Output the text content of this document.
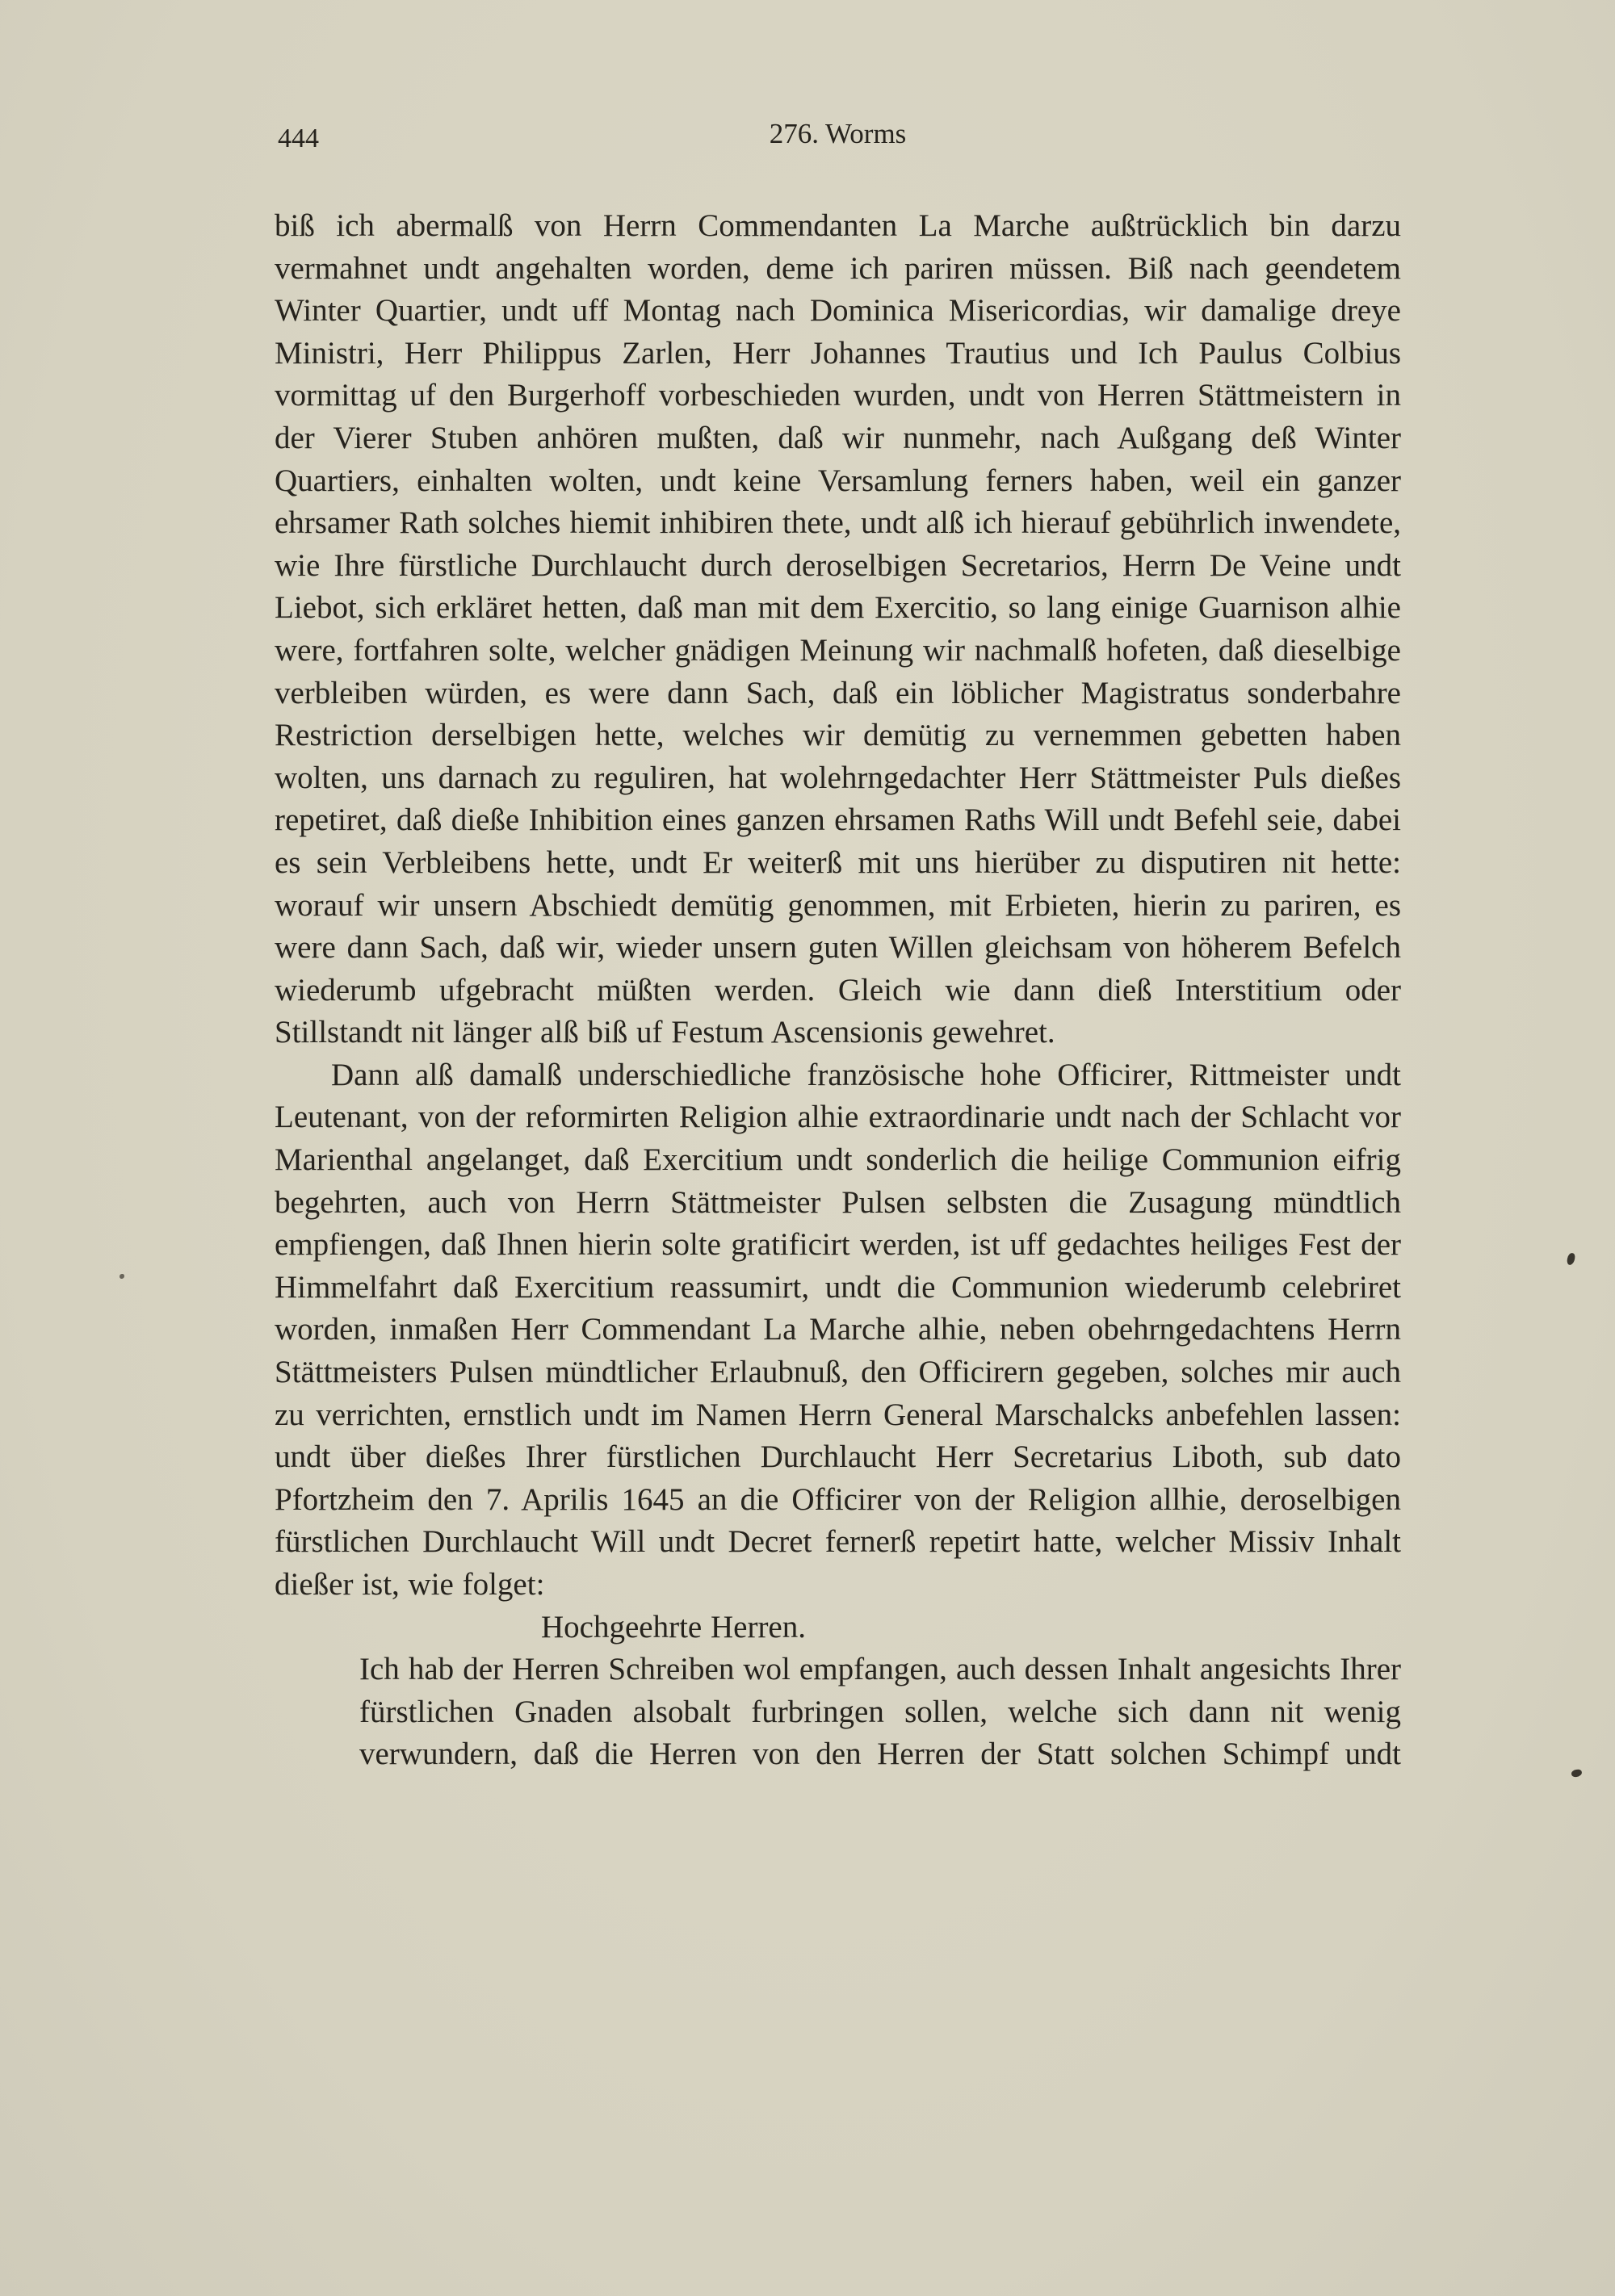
444	276. Worms

biß ich abermalß von Herrn Commendanten La Marche außtrücklich bin darzu vermahnet undt angehalten worden, deme ich pariren müssen. Biß nach geendetem Winter Quartier, undt uff Montag nach Dominica Misericordias, wir damalige dreye Ministri, Herr Philippus Zarlen, Herr Johannes Trautius und Ich Paulus Colbius vormittag uf den Burgerhoff vorbeschieden wurden, undt von Herren Stättmeistern in der Vierer Stuben anhören mußten, daß wir nunmehr, nach Außgang deß Winter Quartiers, einhalten wolten, undt keine Versamlung ferners haben, weil ein ganzer ehrsamer Rath solches hiemit inhibiren thete, undt alß ich hierauf gebührlich inwendete, wie Ihre fürstliche Durchlaucht durch deroselbigen Secretarios, Herrn De Veine undt Liebot, sich erkläret hetten, daß man mit dem Exercitio, so lang einige Guarnison alhie were, fortfahren solte, welcher gnädigen Meinung wir nachmalß hofeten, daß dieselbige verbleiben würden, es were dann Sach, daß ein löblicher Magistratus sonderbahre Restriction derselbigen hette, welches wir demütig zu vernemmen gebetten haben wolten, uns darnach zu reguliren, hat wolehrngedachter Herr Stättmeister Puls dießes repetiret, daß dieße Inhibition eines ganzen ehrsamen Raths Will undt Befehl seie, dabei es sein Verbleibens hette, undt Er weiterß mit uns hierüber zu disputiren nit hette: worauf wir unsern Abschiedt demütig genommen, mit Erbieten, hierin zu pariren, es were dann Sach, daß wir, wieder unsern guten Willen gleichsam von höherem Befelch wiederumb ufgebracht müßten werden. Gleich wie dann dieß Interstitium oder Stillstandt nit länger alß biß uf Festum Ascensionis gewehret.

Dann alß damalß underschiedliche französische hohe Officirer, Rittmeister undt Leutenant, von der reformirten Religion alhie extraordinarie undt nach der Schlacht vor Marienthal angelanget, daß Exercitium undt sonderlich die heilige Communion eifrig begehrten, auch von Herrn Stättmeister Pulsen selbsten die Zusagung mündtlich empfiengen, daß Ihnen hierin solte gratificirt werden, ist uff gedachtes heiliges Fest der Himmelfahrt daß Exercitium reassumirt, undt die Communion wiederumb celebriret worden, inmaßen Herr Commendant La Marche alhie, neben obehrngedachtens Herrn Stättmeisters Pulsen mündtlicher Erlaubnuß, den Officirern gegeben, solches mir auch zu verrichten, ernstlich undt im Namen Herrn General Marschalcks anbefehlen lassen: undt über dießes Ihrer fürstlichen Durchlaucht Herr Secretarius Liboth, sub dato Pfortzheim den 7. Aprilis 1645 an die Officirer von der Religion allhie, deroselbigen fürstlichen Durchlaucht Will undt Decret fernerß repetirt hatte, welcher Missiv Inhalt dießer ist, wie folget:

Hochgeehrte Herren.

Ich hab der Herren Schreiben wol empfangen, auch dessen Inhalt angesichts Ihrer fürstlichen Gnaden alsobalt furbringen sollen, welche sich dann nit wenig verwundern, daß die Herren von den Herren der Statt solchen Schimpf undt
